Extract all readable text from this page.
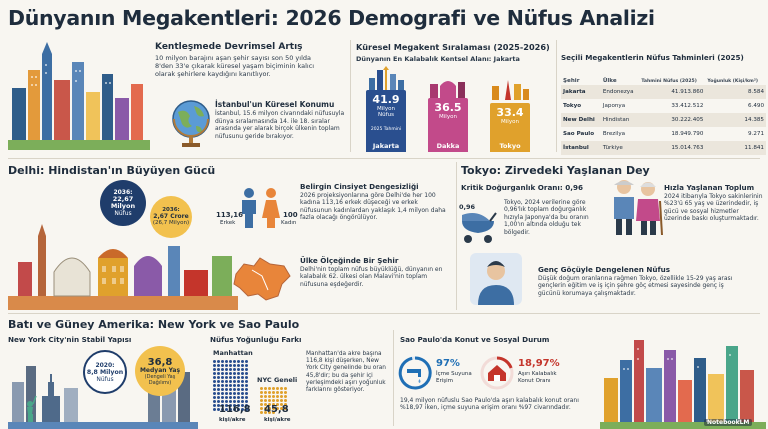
Dünyanın Megakentleri: 2026 Demografi ve Nüfus Analizi
Kentleşmede Devrimsel Artış
10 milyon barajını aşan şehir sayısı son 50 yılda 8'den 33'e çıkarak küresel yaşam biçiminin kalıcı olarak şehirlere kaydığını kanıtlıyor.
İstanbul'un Küresel Konumu
İstanbul, 15.6 milyon civarındaki nüfusuyla dünya sıralamasında 14. ile 18. sıralar arasında yer alarak birçok ülkenin toplam nüfusunu geride bırakıyor.
Küresel Megakent Sıralaması (2025-2026)
Dünyanın En Kalabalık Kentsel Alanı: Jakarta
41.9
Milyon Nüfus
2025 Tahmini
36.5
Milyon	33.4
Milyon
Jakarta	Dakka	Tokyo
Seçili Megakentlerin Nüfus Tahminleri (2025)
Şehir	Ülke	Tahmini Nüfus (2025)	Yoğunluk (Kişi/km²)
Jakarta	Endonezya	41.913.860	8.584
Tokyo	Japonya	33.412.512	6.490
New Delhi	Hindistan	30.222.405	14.385
Sao Paulo	Brezilya	18.949.790	9.271
İstanbul	Türkiye	15.014.763	11.841
Delhi: Hindistan'ın Büyüyen Gücü
2036:
22,67 Milyon
Nüfus	2036:
2,67 Crore
(26,7 Milyon)
113,16
Erkek
100
Kadın
Belirgin Cinsiyet Dengesizliği
2026 projeksiyonlarına göre Delhi'de her 100 kadına 113,16 erkek düşeceği ve erkek nüfusunun kadınlardan yaklaşık 1,4 milyon daha fazla olacağı öngörülüyor.
Ülke Ölçeğinde Bir Şehir
Delhi'nin toplam nüfus büyüklüğü, dünyanın en kalabalık 62. ülkesi olan Malavi'nin toplam nüfusuna eşdeğerdir.
Tokyo: Zirvedeki Yaşlanan Dey
Kritik Doğurganlık Oranı: 0,96
0,96
Tokyo, 2024 verilerine göre 0,96'lık toplam doğurganlık hızıyla Japonya'da bu oranın 1,00'ın altında olduğu tek bölgedir.
Hızla Yaşlanan Toplum
2024 itibarıyla Tokyo sakinlerinin %23'ü 65 yaş ve üzerindedir, iş gücü ve sosyal hizmetler üzerinde baskı oluşturmaktadır.
Genç Göçüyle Dengelenen Nüfus
Düşük doğum oranlarına rağmen Tokyo, özellikle 15-29 yaş arası gençlerin eğitim ve iş için şehre göç etmesi sayesinde genç iş gücünü korumaya çalışmaktadır.
Batı ve Güney Amerika: New York ve Sao Paulo
New York City'nin Stabil Yapısı
2020:
8,8 Milyon
Nüfus
36,8
Medyan Yaş
(Dengeli Yaş Dağılımı)
Nüfus Yoğunluğu Farkı
Manhattan
NYC Geneli
116,8
kişi/akre
45,8
kişi/akre
Manhattan'da akre başına 116,8 kişi düşerken, New York City genelinde bu oran 45,8'dir; bu da şehir içi yerleşimdeki aşırı yoğunluk farklarını gösteriyor.
Sao Paulo'da Konut ve Sosyal Durum
97%
İçme Suyuna
Erişim
18,97%
Aşırı Kalabalık
Konut Oranı
19,4 milyon nüfuslu Sao Paulo'da aşırı kalabalık konut oranı %18,97 iken, içme suyuna erişim oranı %97 civarındadır.
NotebookLM
